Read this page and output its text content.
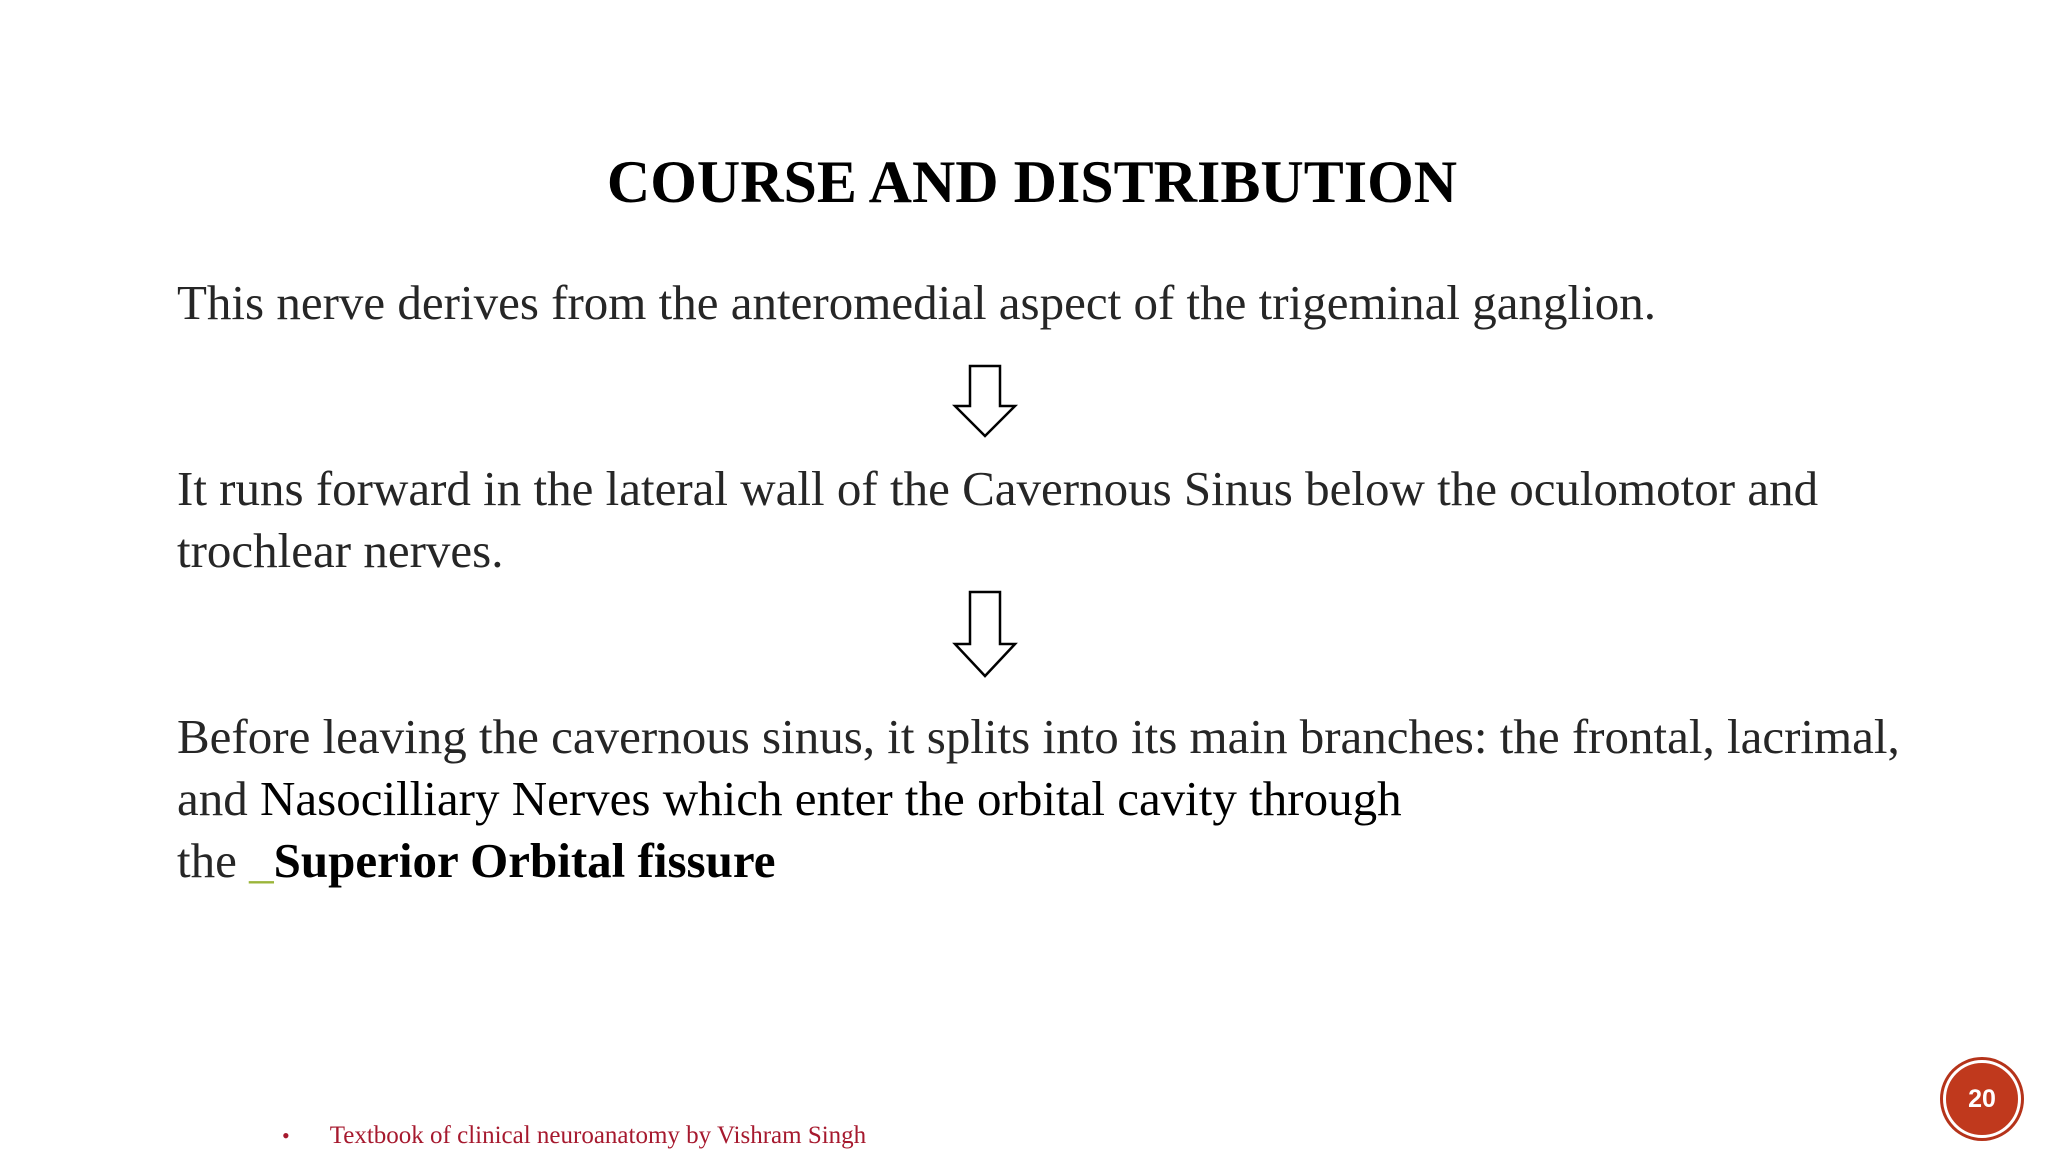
COURSE AND DISTRIBUTION
This nerve derives from the anteromedial aspect of the trigeminal ganglion.
It runs forward in the lateral wall of the Cavernous Sinus below the oculomotor and trochlear nerves.
Before leaving the cavernous sinus, it splits into its main branches: the frontal, lacrimal, and Nasocilliary Nerves which enter the orbital cavity through
the _Superior Orbital fissure
• Textbook of clinical neuroanatomy by Vishram Singh
20
